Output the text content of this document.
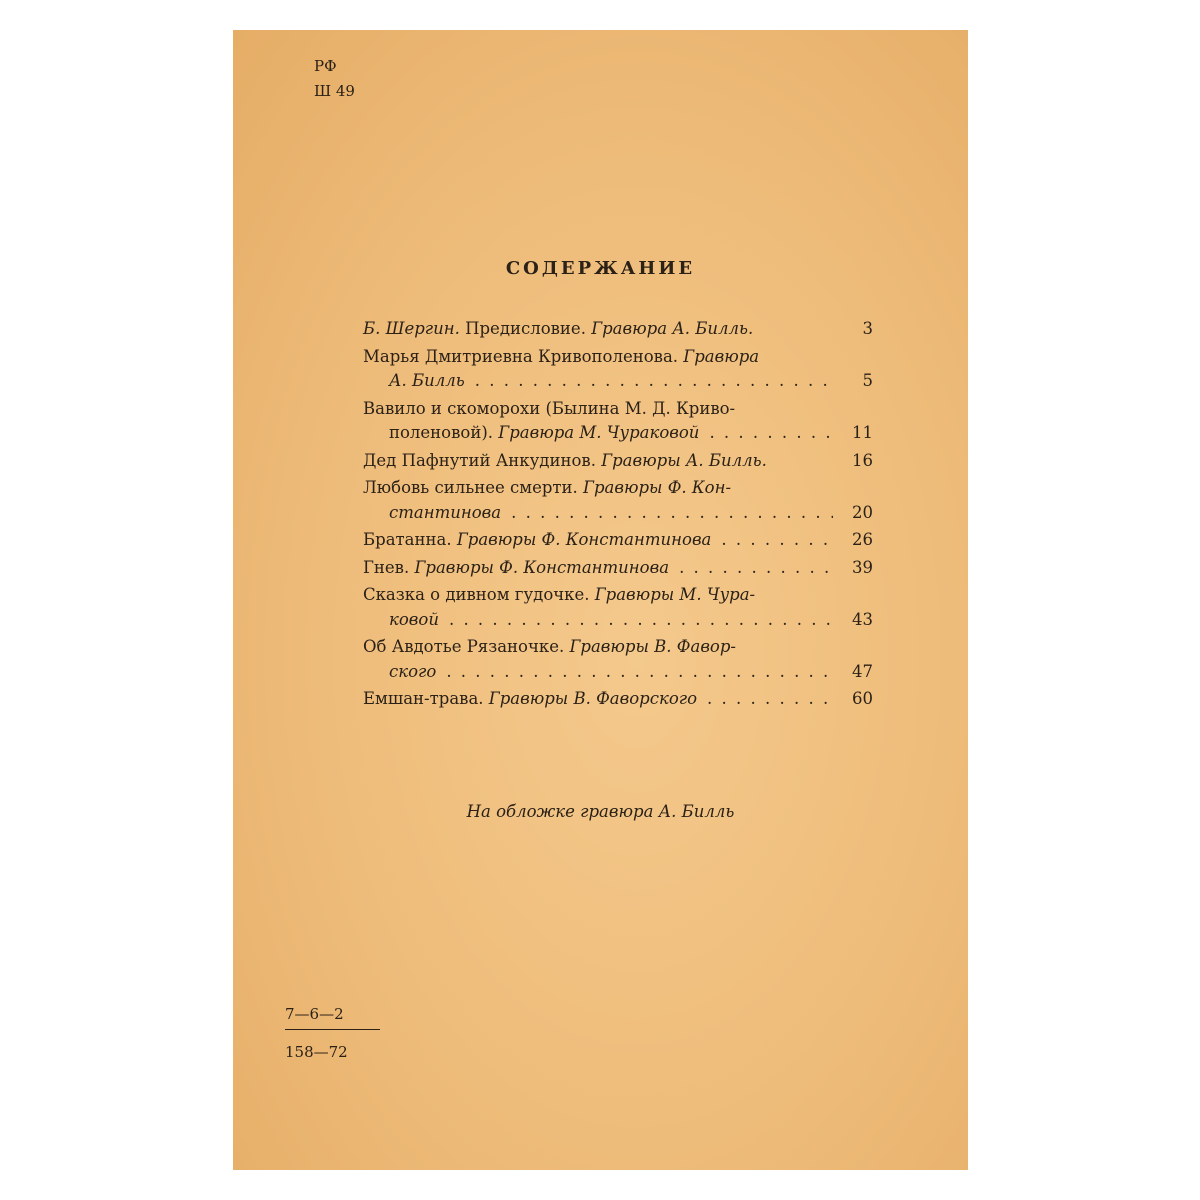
РФ
Ш 49
СОДЕРЖАНИЕ
Б. Шергин. Предисловие. Гравюра А. Билль.	3
Марья Дмитриевна Кривополенова. Гравюра
А. Билль . . .	5
Вавило и скоморохи (Былина М. Д. Криво-
поленовой).
Гравюра М. Чураковой . . .	11
Дед Пафнутий Анкудинов. Гравюры А. Билль.	16
Любовь сильнее смерти. Гравюры Ф. Кон-
стантинова . . .	20
Братанна.
Гравюры Ф. Константинова . . .	26
Гнев.
Гравюры Ф. Константинова . . .	39
Сказка о дивном гудочке. Гравюры М. Чура-
ковой . . .	43
Об Авдотье Рязаночке. Гравюры В. Фавор-
ского . . .	47
Емшан-трава.
Гравюры В. Фаворского . . .	60
На обложке гравюра А. Билль
7—6—2
158—72
